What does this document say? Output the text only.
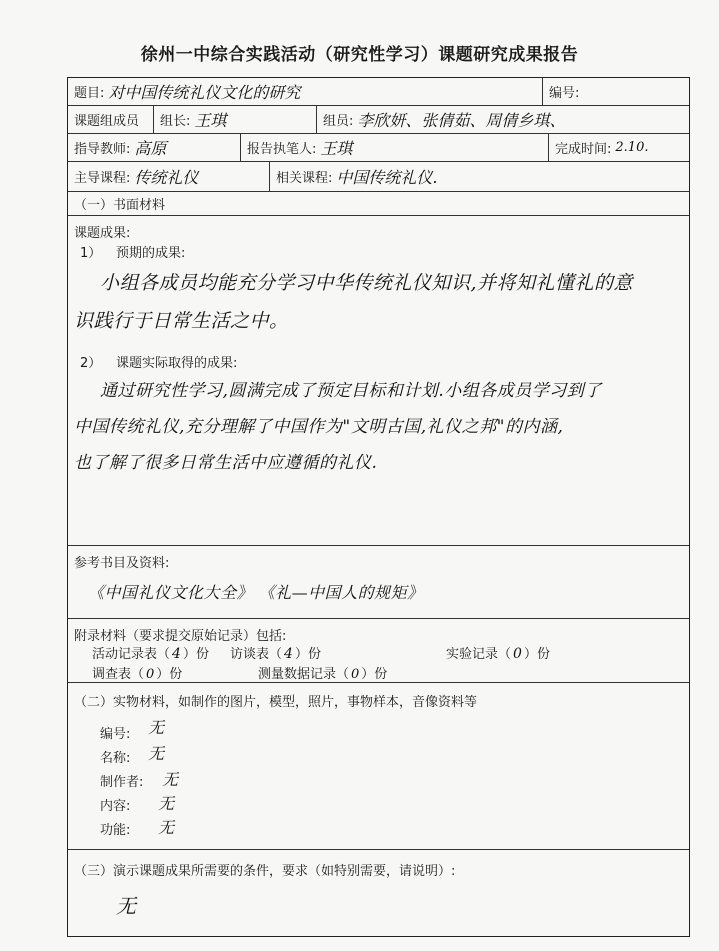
徐州一中综合实践活动（研究性学习）课题研究成果报告
题目: 对中国传统礼仪文化的研究	编号:
课题组成员 组长: 王琪	组员: 李欣妍、张倩茹、周倩乡琪、
指导教师: 高原	报告执笔人: 王琪	完成时间: 2.10.
主导课程: 传统礼仪	相关课程: 中国传统礼仪.
（一）书面材料
课题成果:
1） 预期的成果:
小组各成员均能充分学习中华传统礼仪知识,并将知礼懂礼的意
识践行于日常生活之中。
2） 课题实际取得的成果:
通过研究性学习,圆满完成了预定目标和计划.小组各成员学习到了
中国传统礼仪,充分理解了中国作为"文明古国,礼仪之邦"的内涵,
也了解了很多日常生活中应遵循的礼仪.
参考书目及资料:
《中国礼仪文化大全》 《礼—中国人的规矩》
附录材料（要求提交原始记录）包括:
活动记录表（ 4 ）份 访谈表（ 4 ）份	实验记录（ 0 ）份
调查表（ 0 ）份	测量数据记录（ 0 ）份
（二）实物材料，如制作的图片，模型，照片，事物样本，音像资料等
编号: 无
名称: 无
制作者: 无
内容: 无
功能: 无
（三）演示课题成果所需要的条件，要求（如特别需要，请说明）:
无
